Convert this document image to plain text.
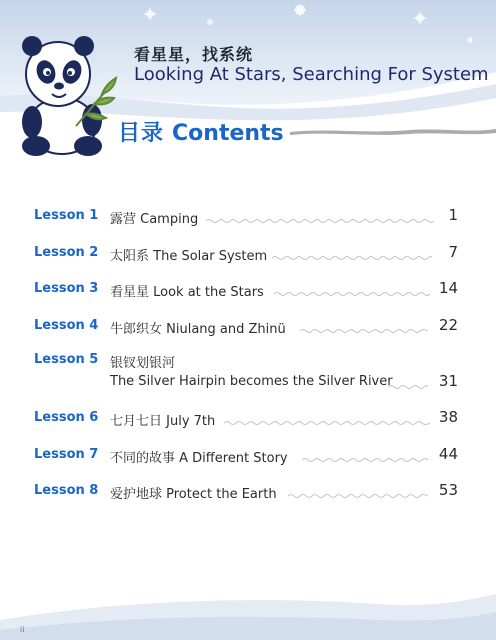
看星星，找系统
Looking At Stars, Searching For System
目录 Contents
Lesson 1 露营 Camping	1
Lesson 2 太阳系 The Solar System	7
Lesson 3 看星星 Look at the Stars	14
Lesson 4 牛郎织女 Niulang and Zhinü	22
Lesson 5 银钗划银河
The Silver Hairpin becomes the Silver River	31
Lesson 6 七月七日 July 7th	38
Lesson 7 不同的故事 A Different Story	44
Lesson 8 爱护地球 Protect the Earth	53
ii
